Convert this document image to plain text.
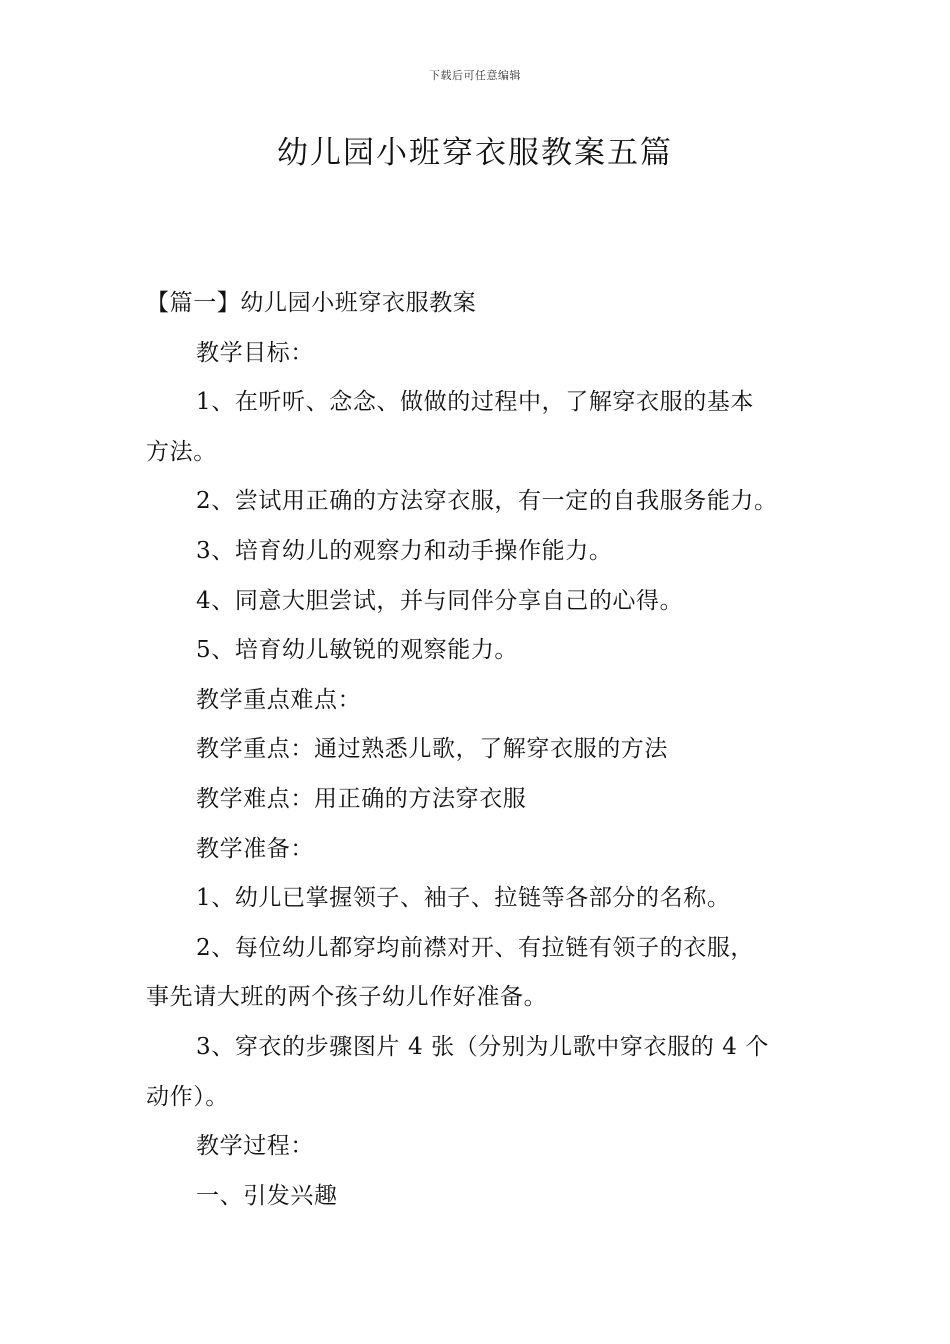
下载后可任意编辑
幼儿园小班穿衣服教案五篇

【篇一】幼儿园小班穿衣服教案

教学目标：

1、在听听、念念、做做的过程中，了解穿衣服的基本

方法。

2、尝试用正确的方法穿衣服，有一定的自我服务能力。

3、培育幼儿的观察力和动手操作能力。

4、同意大胆尝试，并与同伴分享自己的心得。

5、培育幼儿敏锐的观察能力。

教学重点难点：

教学重点：通过熟悉儿歌，了解穿衣服的方法

教学难点：用正确的方法穿衣服

教学准备：

1、幼儿已掌握领子、袖子、拉链等各部分的名称。

2、每位幼儿都穿均前襟对开、有拉链有领子的衣服，

事先请大班的两个孩子幼儿作好准备。

3、穿衣的步骤图片 4 张（分别为儿歌中穿衣服的 4 个

动作）。

教学过程：

一、引发兴趣
